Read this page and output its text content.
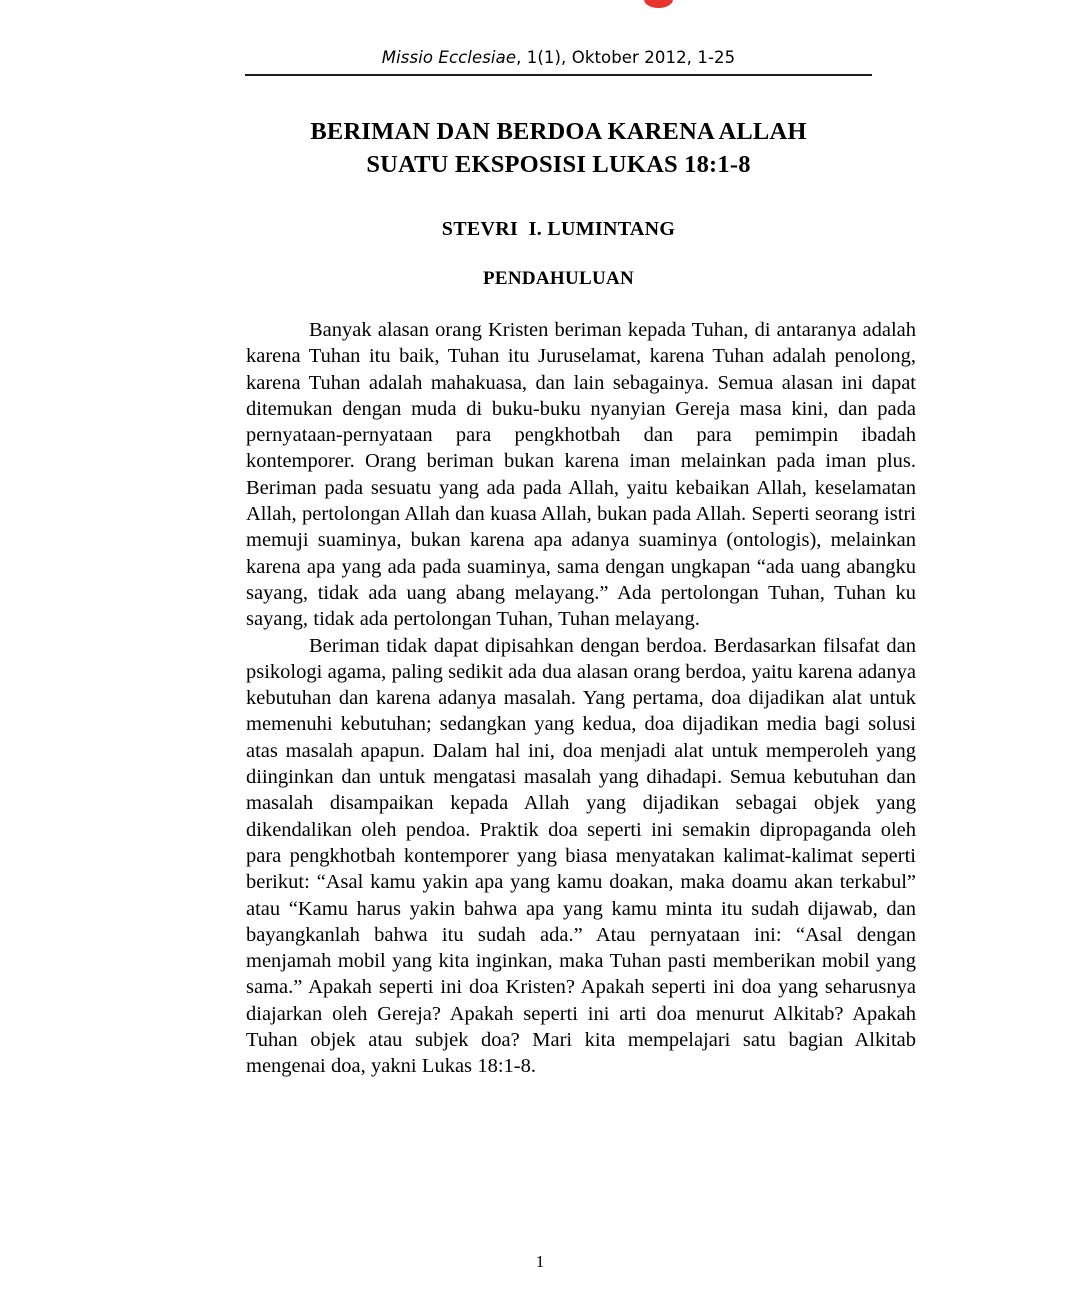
Missio Ecclesiae, 1(1), Oktober 2012, 1-25
BERIMAN DAN BERDOA KARENA ALLAH
SUATU EKSPOSISI LUKAS 18:1-8
STEVRI  I. LUMINTANG
PENDAHULUAN

Banyak alasan orang Kristen beriman kepada Tuhan, di antaranya adalah karena Tuhan itu baik, Tuhan itu Juruselamat, karena Tuhan adalah penolong, karena Tuhan adalah mahakuasa, dan lain sebagainya. Semua alasan ini dapat ditemukan dengan muda di buku-buku nyanyian Gereja masa kini, dan pada pernyataan-pernyataan para pengkhotbah dan para pemimpin ibadah kontemporer. Orang beriman bukan karena iman melainkan pada iman plus. Beriman pada sesuatu yang ada pada Allah, yaitu kebaikan Allah, keselamatan Allah, pertolongan Allah dan kuasa Allah, bukan pada Allah. Seperti seorang istri memuji suaminya, bukan karena apa adanya suaminya (ontologis), melainkan karena apa yang ada pada suaminya, sama dengan ungkapan “ada uang abangku sayang, tidak ada uang abang melayang.” Ada pertolongan Tuhan, Tuhan ku sayang, tidak ada pertolongan Tuhan, Tuhan melayang.

Beriman tidak dapat dipisahkan dengan berdoa. Berdasarkan filsafat dan psikologi agama, paling sedikit ada dua alasan orang berdoa, yaitu karena adanya kebutuhan dan karena adanya masalah. Yang pertama, doa dijadikan alat untuk memenuhi kebutuhan; sedangkan yang kedua, doa dijadikan media bagi solusi atas masalah apapun. Dalam hal ini, doa menjadi alat untuk memperoleh yang diinginkan dan untuk mengatasi masalah yang dihadapi. Semua kebutuhan dan masalah disampaikan kepada Allah yang dijadikan sebagai objek yang dikendalikan oleh pendoa. Praktik doa seperti ini semakin dipropaganda oleh para pengkhotbah kontemporer yang biasa menyatakan kalimat-kalimat seperti berikut: “Asal kamu yakin apa yang kamu doakan, maka doamu akan terkabul” atau “Kamu harus yakin bahwa apa yang kamu minta itu sudah dijawab, dan bayangkanlah bahwa itu sudah ada.” Atau pernyataan ini: “Asal dengan menjamah mobil yang kita inginkan, maka Tuhan pasti memberikan mobil yang sama.” Apakah seperti ini doa Kristen? Apakah seperti ini doa yang seharusnya diajarkan oleh Gereja? Apakah seperti ini arti doa menurut Alkitab? Apakah Tuhan objek atau subjek doa? Mari kita mempelajari satu bagian Alkitab mengenai doa, yakni Lukas 18:1-8.

1
